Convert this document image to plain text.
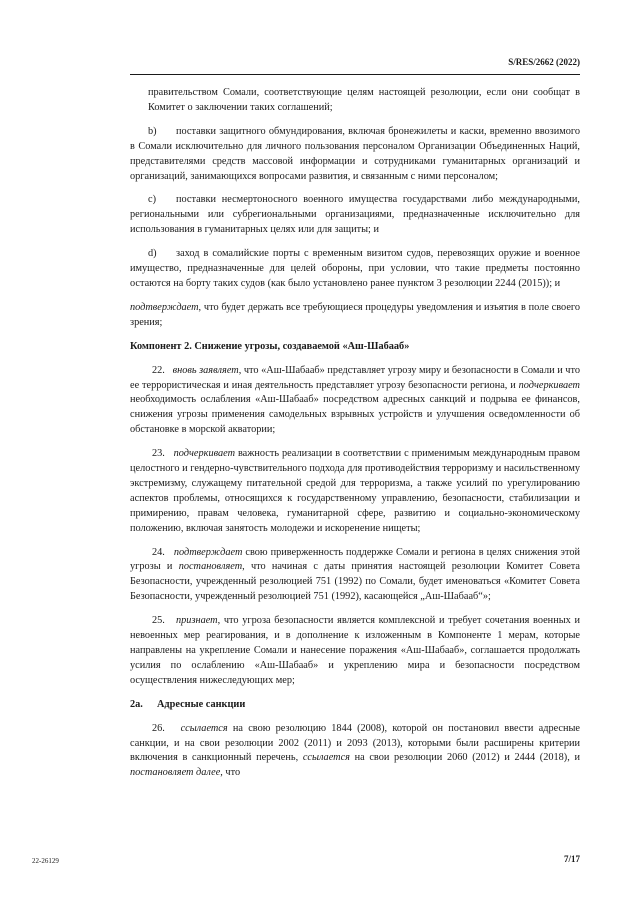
S/RES/2662 (2022)

правительством Сомали, соответствующие целям настоящей резолюции, если они сообщат в Комитет о заключении таких соглашений;

b) поставки защитного обмундирования, включая бронежилеты и каски, временно ввозимого в Сомали исключительно для личного пользования персоналом Организации Объединенных Наций, представителями средств массовой информации и сотрудниками гуманитарных организаций и организаций, занимающихся вопросами развития, и связанным с ними персоналом;

c) поставки несмертоносного военного имущества государствами либо международными, региональными или субрегиональными организациями, предназначенные исключительно для использования в гуманитарных целях или для защиты; и

d) заход в сомалийские порты с временным визитом судов, перевозящих оружие и военное имущество, предназначенные для целей обороны, при условии, что такие предметы постоянно остаются на борту таких судов (как было установлено ранее пунктом 3 резолюции 2244 (2015)); и

подтверждает, что будет держать все требующиеся процедуры уведомления и изъятия в поле своего зрения;

Компонент 2. Снижение угрозы, создаваемой «Аш-Шабааб»

22. вновь заявляет, что «Аш-Шабааб» представляет угрозу миру и безопасности в Сомали и что ее террористическая и иная деятельность представляет угрозу безопасности региона, и подчеркивает необходимость ослабления «Аш-Шабааб» посредством адресных санкций и подрыва ее финансов, снижения угрозы применения самодельных взрывных устройств и улучшения осведомленности об обстановке в морской акватории;

23. подчеркивает важность реализации в соответствии с применимым международным правом целостного и гендерно-чувствительного подхода для противодействия терроризму и насильственному экстремизму, служащему питательной средой для терроризма, а также усилий по урегулированию аспектов проблемы, относящихся к государственному управлению, безопасности, стабилизации и примирению, правам человека, гуманитарной сфере, развитию и социально-экономическому положению, включая занятость молодежи и искоренение нищеты;

24. подтверждает свою приверженность поддержке Сомали и региона в целях снижения этой угрозы и постановляет, что начиная с даты принятия настоящей резолюции Комитет Совета Безопасности, учрежденный резолюцией 751 (1992) по Сомали, будет именоваться «Комитет Совета Безопасности, учрежденный резолюцией 751 (1992), касающейся „Аш-Шабааб“»;

25. признает, что угроза безопасности является комплексной и требует сочетания военных и невоенных мер реагирования, и в дополнение к изложенным в Компоненте 1 мерам, которые направлены на укрепление Сомали и нанесение поражения «Аш-Шабааб», соглашается продолжать усилия по ослаблению «Аш-Шабааб» и укреплению мира и безопасности посредством осуществления нижеследующих мер;

2a. Адресные санкции

26. ссылается на свою резолюцию 1844 (2008), которой он постановил ввести адресные санкции, и на свои резолюции 2002 (2011) и 2093 (2013), которыми были расширены критерии включения в санкционный перечень, ссылается на свои резолюции 2060 (2012) и 2444 (2018), и постановляет далее, что

22-26129	7/17
